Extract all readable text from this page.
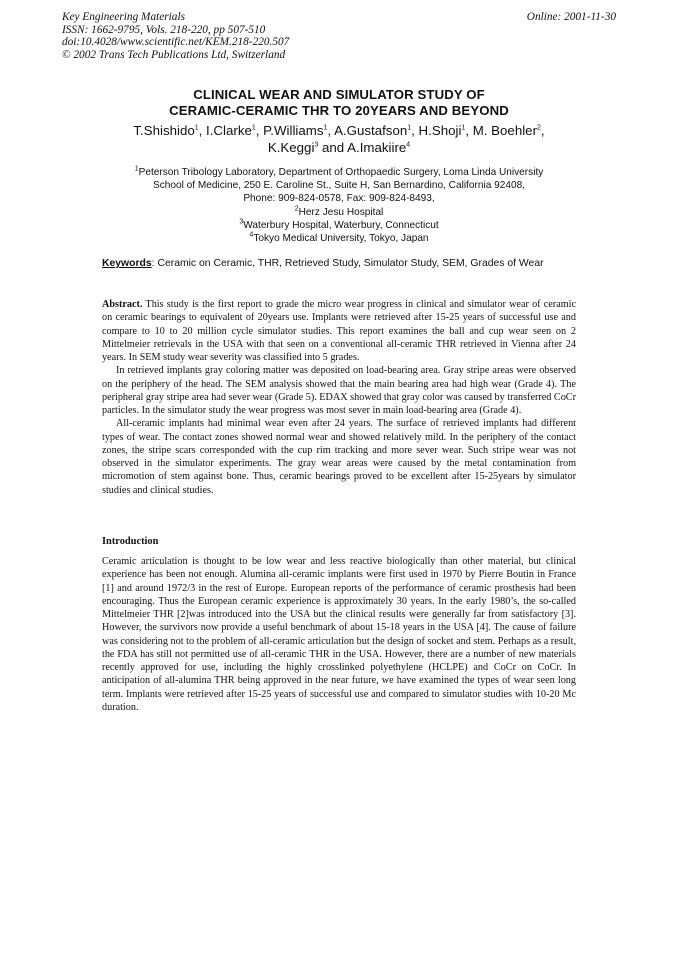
Key Engineering Materials
ISSN: 1662-9795, Vols. 218-220, pp 507-510
doi:10.4028/www.scientific.net/KEM.218-220.507
© 2002 Trans Tech Publications Ltd, Switzerland
Online: 2001-11-30
CLINICAL WEAR AND SIMULATOR STUDY OF
CERAMIC-CERAMIC THR TO 20YEARS AND BEYOND
T.Shishido$^1$, I.Clarke$^1$, P.Williams$^1$, A.Gustafson$^1$, H.Shoji$^1$, M. Boehler$^2$,
K.Keggi$^3$ and A.Imakiire$^4$
$^1$Peterson Tribology Laboratory, Department of Orthopaedic Surgery, Loma Linda University
School of Medicine, 250 E. Caroline St., Suite H, San Bernardino, California 92408,
Phone: 909-824-0578, Fax: 909-824-8493,
$^2$Herz Jesu Hospital
$^3$Waterbury Hospital, Waterbury, Connecticut
$^4$Tokyo Medical University, Tokyo, Japan
Keywords: Ceramic on Ceramic, THR, Retrieved Study, Simulator Study, SEM, Grades of Wear

Abstract. This study is the first report to grade the micro wear progress in clinical and simulator wear of ceramic on ceramic bearings to equivalent of 20years use. Implants were retrieved after 15-25 years of successful use and compare to 10 to 20 million cycle simulator studies. This report examines the ball and cup wear seen on 2 Mittelmeier retrievals in the USA with that seen on a conventional all-ceramic THR retrieved in Vienna after 24 years. In SEM study wear severity was classified into 5 grades.

In retrieved implants gray coloring matter was deposited on load-bearing area. Gray stripe areas were observed on the periphery of the head. The SEM analysis showed that the main bearing area had high wear (Grade 4). The peripheral gray stripe area had sever wear (Grade 5). EDAX showed that gray color was caused by transferred CoCr particles. In the simulator study the wear progress was most sever in main load-bearing area (Grade 4).

All-ceramic implants had minimal wear even after 24 years. The surface of retrieved implants had different types of wear. The contact zones showed normal wear and showed relatively mild. In the periphery of the contact zones, the stripe scars corresponded with the cup rim tracking and more sever wear. Such stripe wear was not observed in the simulator experiments. The gray wear areas were caused by the metal contamination from micromotion of stem against bone. Thus, ceramic bearings proved to be excellent after 15-25years by simulator studies and clinical studies.

Introduction

Ceramic articulation is thought to be low wear and less reactive biologically than other material, but clinical experience has been not enough. Alumina all-ceramic implants were first used in 1970 by Pierre Boutin in France [1] and around 1972/3 in the rest of Europe. European reports of the performance of ceramic prosthesis had been encouraging. Thus the European ceramic experience is approximately 30 years. In the early 1980’s, the so-called Mittelmeier THR [2]was introduced into the USA but the clinical results were generally far from satisfactory [3]. However, the survivors now provide a useful benchmark of about 15-18 years in the USA [4]. The cause of failure was considering not to the problem of all-ceramic articulation but the design of socket and stem. Perhaps as a result, the FDA has still not permitted use of all-ceramic THR in the USA. However, there are a number of new materials recently approved for use, including the highly crosslinked polyethylene (HCLPE) and CoCr on CoCr. In anticipation of all-alumina THR being approved in the near future, we have examined the types of wear seen long term. Implants were retrieved after 15-25 years of successful use and compared to simulator studies with 10-20 Mc duration.
